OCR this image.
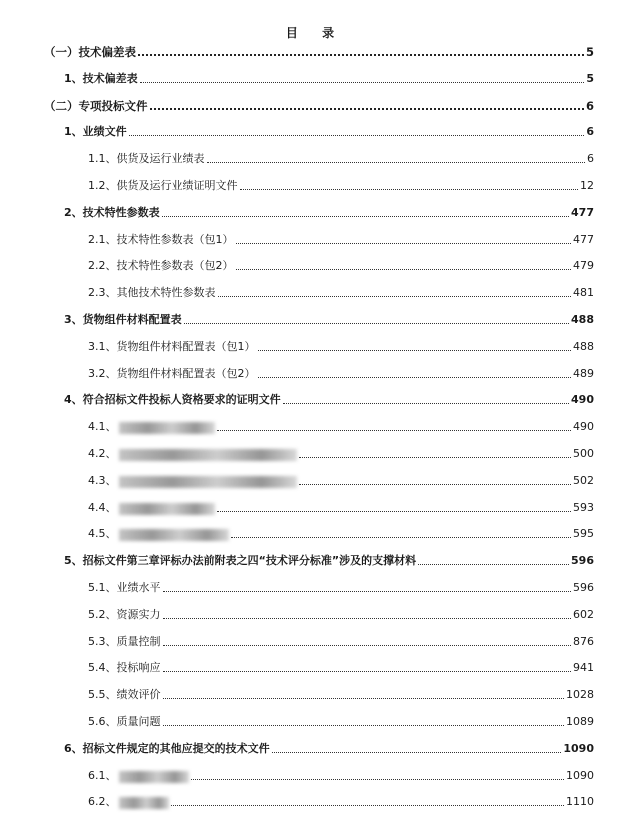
目 录
（一）技术偏差表	5
1、技术偏差表	5
（二）专项投标文件	6
1、业绩文件	6
1.1、供货及运行业绩表	6
1.2、供货及运行业绩证明文件	12
2、技术特性参数表	477
2.1、技术特性参数表（包1）	477
2.2、技术特性参数表（包2）	479
2.3、其他技术特性参数表	481
3、货物组件材料配置表	488
3.1、货物组件材料配置表（包1）	488
3.2、货物组件材料配置表（包2）	489
4、符合招标文件投标人资格要求的证明文件	490
4.1、	490
4.2、	500
4.3、	502
4.4、	593
4.5、	595
5、招标文件第三章评标办法前附表之四“技术评分标准”涉及的支撑材料	596
5.1、业绩水平	596
5.2、资源实力	602
5.3、质量控制	876
5.4、投标响应	941
5.5、绩效评价	1028
5.6、质量问题	1089
6、招标文件规定的其他应提交的技术文件	1090
6.1、	1090
6.2、	1110
